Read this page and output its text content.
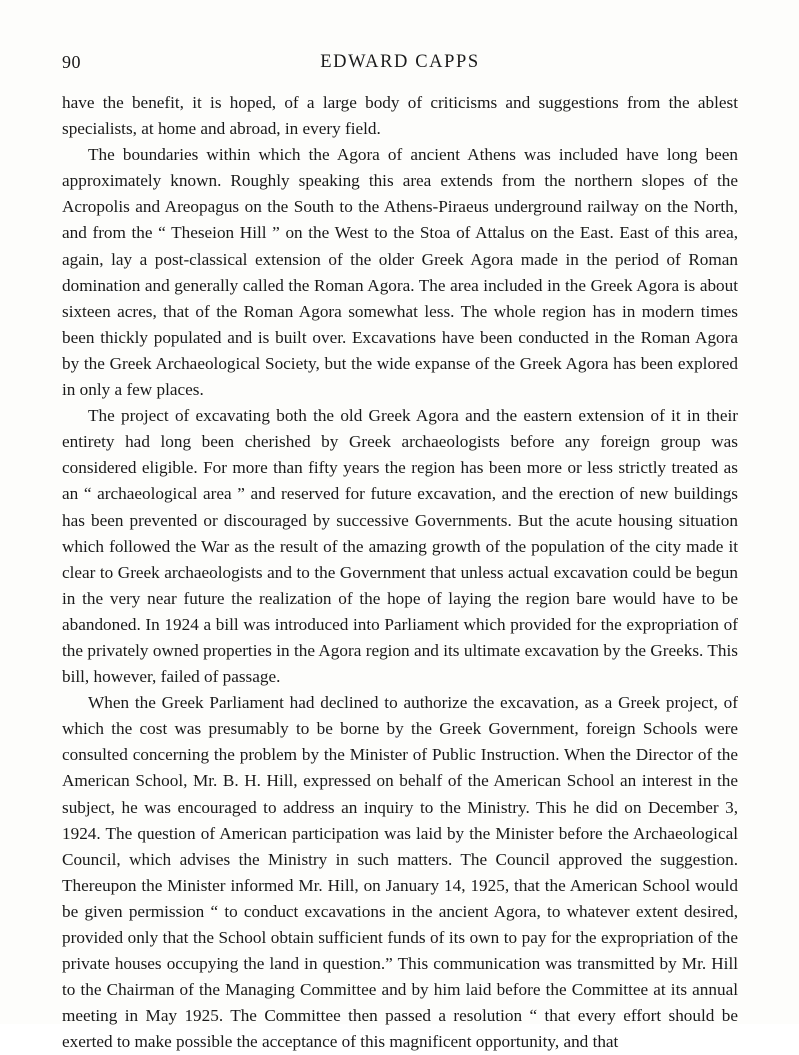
90	EDWARD CAPPS

have the benefit, it is hoped, of a large body of criticisms and suggestions from the ablest specialists, at home and abroad, in every field.

The boundaries within which the Agora of ancient Athens was included have long been approximately known. Roughly speaking this area extends from the northern slopes of the Acropolis and Areopagus on the South to the Athens-Piraeus underground railway on the North, and from the “ Theseion Hill ” on the West to the Stoa of Attalus on the East. East of this area, again, lay a post-classical extension of the older Greek Agora made in the period of Roman domination and generally called the Roman Agora. The area included in the Greek Agora is about sixteen acres, that of the Roman Agora somewhat less. The whole region has in modern times been thickly populated and is built over. Excavations have been conducted in the Roman Agora by the Greek Archaeological Society, but the wide expanse of the Greek Agora has been explored in only a few places.

The project of excavating both the old Greek Agora and the eastern extension of it in their entirety had long been cherished by Greek archaeologists before any foreign group was considered eligible. For more than fifty years the region has been more or less strictly treated as an “ archaeological area ” and reserved for future excavation, and the erection of new buildings has been prevented or discouraged by successive Governments. But the acute housing situation which followed the War as the result of the amazing growth of the population of the city made it clear to Greek archaeologists and to the Government that unless actual excavation could be begun in the very near future the realization of the hope of laying the region bare would have to be abandoned. In 1924 a bill was introduced into Parliament which provided for the expropriation of the privately owned properties in the Agora region and its ultimate excavation by the Greeks. This bill, however, failed of passage.

When the Greek Parliament had declined to authorize the excavation, as a Greek project, of which the cost was presumably to be borne by the Greek Government, foreign Schools were consulted concerning the problem by the Minister of Public Instruction. When the Director of the American School, Mr. B. H. Hill, expressed on behalf of the American School an interest in the subject, he was encouraged to address an inquiry to the Ministry. This he did on December 3, 1924. The question of American participation was laid by the Minister before the Archaeological Council, which advises the Ministry in such matters. The Council approved the suggestion. Thereupon the Minister informed Mr. Hill, on January 14, 1925, that the American School would be given permission “ to conduct excavations in the ancient Agora, to whatever extent desired, provided only that the School obtain sufficient funds of its own to pay for the expropriation of the private houses occupying the land in question.” This communication was transmitted by Mr. Hill to the Chairman of the Managing Committee and by him laid before the Committee at its annual meeting in May 1925. The Committee then passed a resolution “ that every effort should be exerted to make possible the acceptance of this magnificent opportunity, and that
